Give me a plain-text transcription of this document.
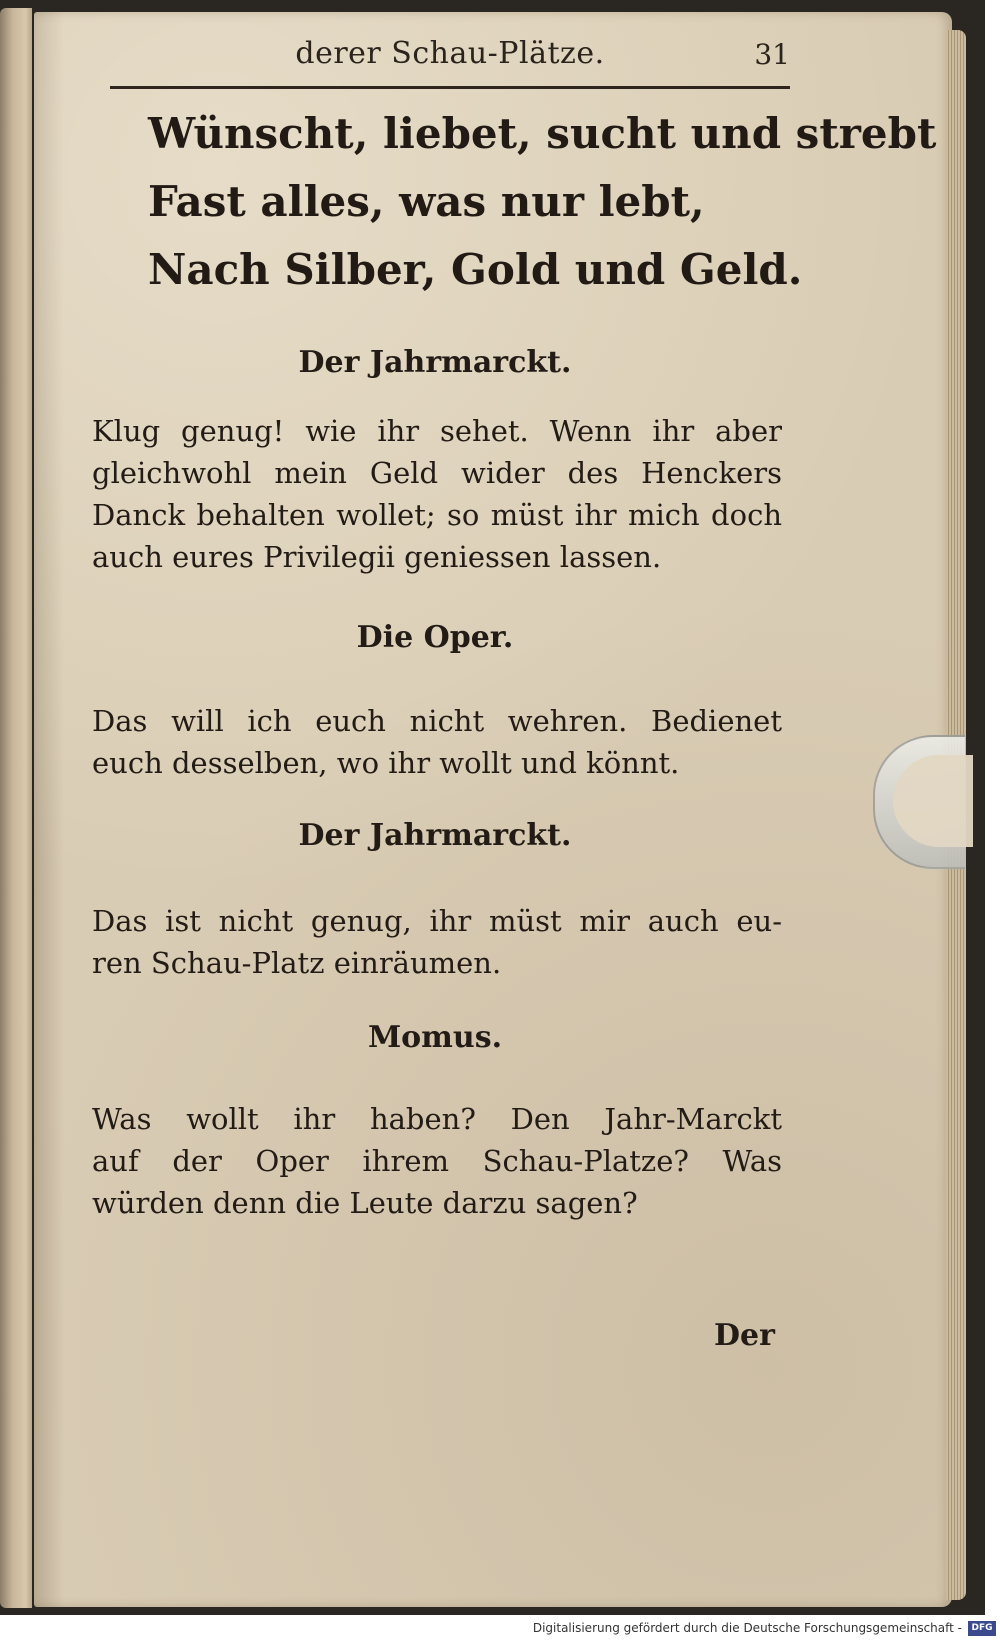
derer Schau-Plätze.	31
Wünscht, liebet, sucht und strebt
Fast alles, was nur lebt,
Nach Silber, Gold und Geld.
Der Jahrmarckt.
Klug genug! wie ihr sehet. Wenn ihr aber
gleichwohl mein Geld wider des Henckers
Danck behalten wollet; so müst ihr mich doch
auch eures Privilegii geniessen lassen.
Die Oper.
Das will ich euch nicht wehren. Bedienet
euch desselben, wo ihr wollt und könnt.
Der Jahrmarckt.
Das ist nicht genug, ihr müst mir auch eu-
ren Schau-Platz einräumen.
Momus.
Was wollt ihr haben? Den Jahr-Marckt
auf der Oper ihrem Schau-Platze? Was
würden denn die Leute darzu sagen?
Der
Digitalisierung gefördert durch die Deutsche Forschungsgemeinschaft -	DFG
